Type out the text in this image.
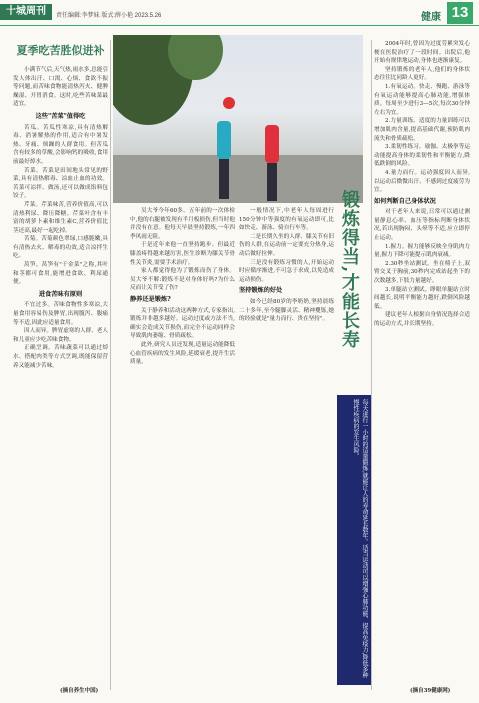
十城周刊	责任编辑:李梦妹 版式:薛小艳 2023.5.26	健康 13
夏季吃苦胜似进补

小满节气后,天气热,雨水多,总能引发人体出汗、口渴、心烦、食欲不振等问题,而苦味食物能清热泻火、健脾燥湿、开胃消食。这时,吃些苦味菜最适宜。

这些"苦菜"值得吃

苦瓜。苦瓜性寒凉,具有清热解毒、消暑解热的作用,适合有中暑发热、牙痛、烦躁的人群食用。但苦瓜含有较多的草酸,会影响钙的吸收,食用前最好焯水。

苦菜。苦菜是田间地头常见的野菜,具有清热解毒、凉血止血的功效。苦菜可凉拌、做汤,还可以做成馅料包饺子。

芹菜。芹菜味苦,营养价值高,可以清热利尿、降压降糖。芹菜叶含有丰富的胡萝卜素和维生素C,营养价值比茎还高,最好一起吃掉。

苦菊。苦菊颜色翠绿,口感脆嫩,具有清热去火、解毒的功效,适合凉拌生吃。

莴笋。莴笋有"千金菜"之称,其叶和茎都可食用,能增进食欲、利尿通便。

进食苦味有原则

不宜过多。苦味食物性多寒凉,大量食用容易伤及脾胃,出现腹泻、腹痛等不适,因此应适量食用。

因人而异。脾胃虚寒的人群、老人和儿童应少吃苦味食物。

正确烹调。苦味蔬菜可以通过焯水、搭配肉类等方式烹调,既能保留营养又能减少苦味。

(摘自养生中国)

吴大爷今年60多。五年前的一次体检中,他的右腿被发现有半月板损伤,但当时他并没有在意。他每天早晨坚持锻炼,一年四季风雨无阻。

于是近年来他一直坚持跑步。但最近膝盖疼得越来越厉害,医生诊断为膝关节骨性关节炎,需要手术治疗。

家人都觉得他为了锻炼而伤了身体。吴大爷不解:锻炼不是对身体好吗?为什么反而让关节受了伤?

静养还是锻炼?

关于静养和活动这两种方式,专家指出,锻炼并非越多越好。运动过度或方法不当,确实会造成关节损伤,而完全不运动同样会导致肌肉萎缩、骨质疏松。

此外,研究人员还发现,适量运动能降低心血管疾病的发生风险,延缓衰老,提升生活质量。

一般情况下,中老年人每周进行150分钟中等强度的有氧运动即可,比如快走、游泳、骑自行车等。

二是长期久坐的人群、膝关节有旧伤的人群,在运动前一定要充分热身,运动后做好拉伸。

三是没有锻炼习惯的人,开始运动时应循序渐进,不可急于求成,以免造成运动损伤。

坚持锻炼的好处

如今已经80岁的李奶奶,坚持晨练二十多年,至今腿脚灵活、精神矍铄,她的经验就是"量力而行、贵在坚持"。 锻炼得当,才能长寿
每天进行一小时的适量锻炼,就能让人的寿命延长数年。适当运动可以增强心肺功能、提高免疫力,降低多种慢性疾病的发生风险。

2004年时,曾因为过度劳累突发心梗在医院治疗了一段时间。出院后,他开始有规律地运动,身体也逐渐康复。

坚持锻炼的老年人,他们的身体状态往往比同龄人更好。

1.有氧运动。快走、慢跑、游泳等有氧运动能够提高心肺功能,增强体质。每周至少进行3—5次,每次30分钟左右为宜。

2.力量训练。适度的力量训练可以增加肌肉含量,提高基础代谢,预防肌肉流失和骨质疏松。

3.柔韧性练习。瑜伽、太极拳等运动能提高身体的柔韧性和平衡能力,降低跌倒的风险。

4.量力而行。运动强度因人而异,以运动后微微出汗、不感到过度疲劳为宜。

如何判断自己身体状况

对于老年人来说,日常可以通过测量静息心率、血压等指标判断身体状况,若出现胸闷、头晕等不适,应立即停止运动。

1.握力。握力能够反映全身肌肉力量,握力下降可能提示肌肉衰减。

2.30秒坐站测试。坐在椅子上,双臂交叉于胸前,30秒内完成站起坐下的次数越多,下肢力量越好。

3.单腿站立测试。睁眼单腿站立时间越长,说明平衡能力越好,跌倒风险越低。

建议老年人根据自身情况选择合适的运动方式,并长期坚持。

(摘自39健康网)
